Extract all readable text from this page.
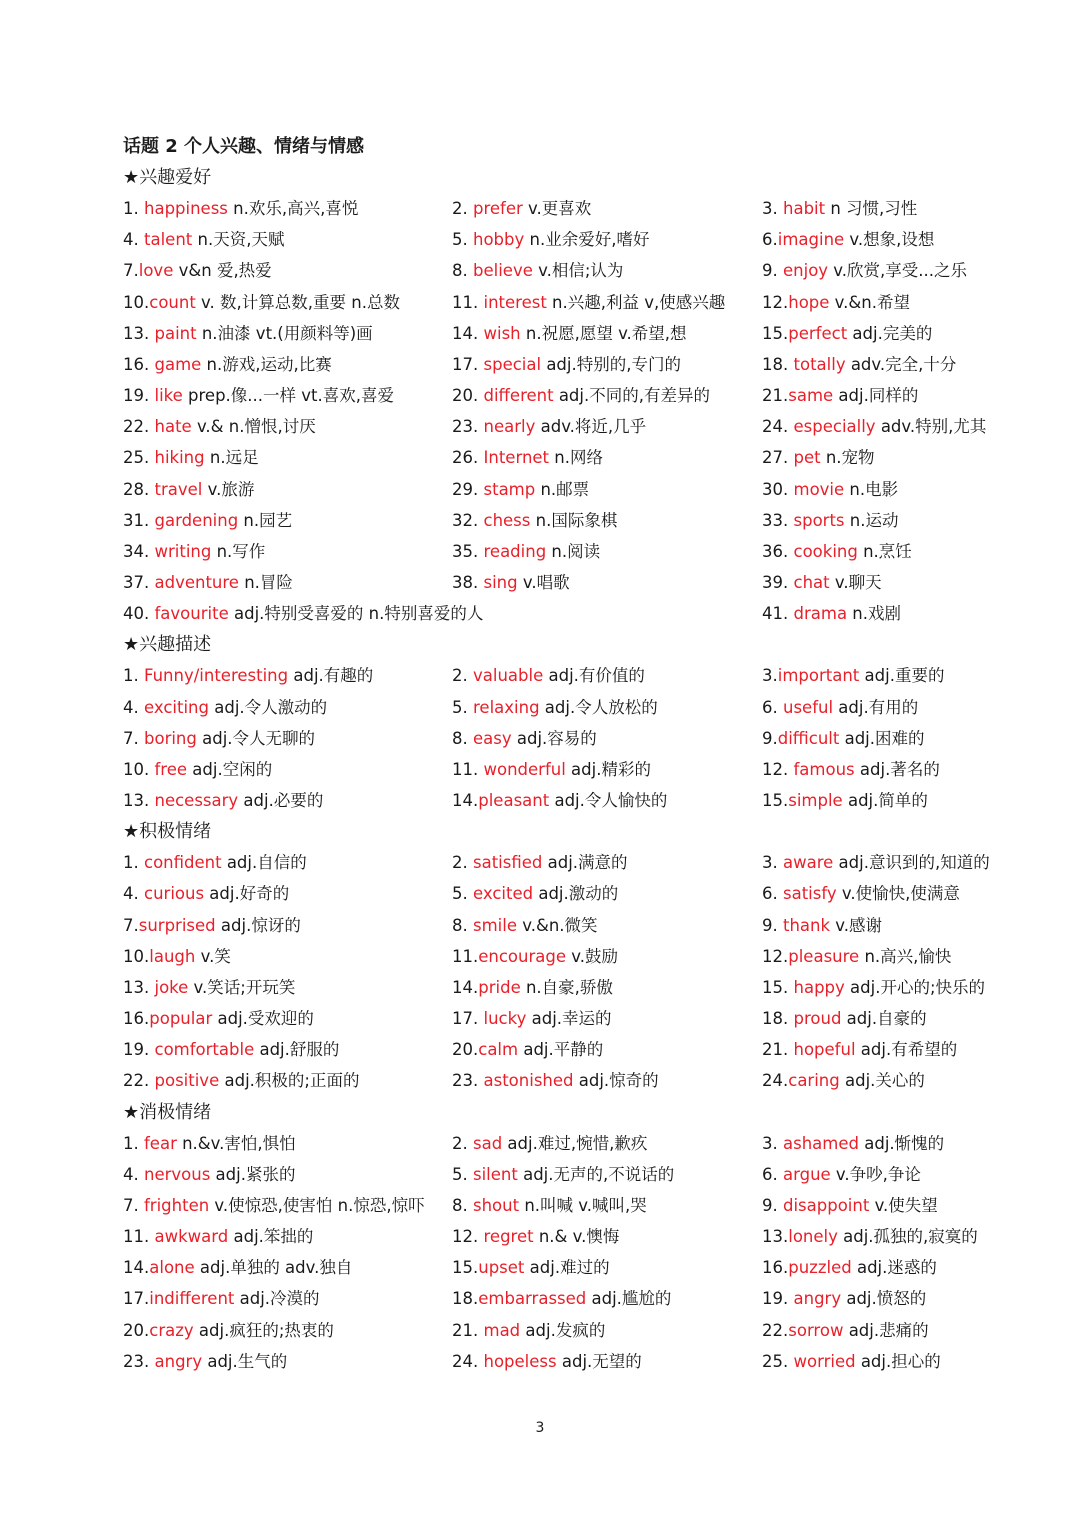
话题 2 个人兴趣、情绪与情感
★兴趣爱好
1. happiness n.欢乐,高兴,喜悦	2. prefer v.更喜欢	3. habit n 习惯,习性
4. talent n.天资,天赋	5. hobby n.业余爱好,嗜好	6.imagine v.想象,设想
7.love v&n 爱,热爱	8. believe v.相信;认为	9. enjoy v.欣赏,享受...之乐
10.count v. 数,计算总数,重要 n.总数	11. interest n.兴趣,利益 v,使感兴趣 12.hope v.&n.希望
13. paint n.油漆 vt.(用颜料等)画	14. wish n.祝愿,愿望 v.希望,想	15.perfect adj.完美的
16. game n.游戏,运动,比赛	17. special adj.特别的,专门的	18. totally adv.完全,十分
19. like prep.像...一样 vt.喜欢,喜爱	20. different adj.不同的,有差异的	21.same adj.同样的
22. hate v.& n.憎恨,讨厌	23. nearly adv.将近,几乎	24. especially adv.特别,尤其
25. hiking n.远足	26. Internet n.网络	27. pet n.宠物
28. travel v.旅游	29. stamp n.邮票	30. movie n.电影
31. gardening n.园艺	32. chess n.国际象棋	33. sports n.运动
34. writing n.写作	35. reading n.阅读	36. cooking n.烹饪
37. adventure n.冒险	38. sing v.唱歌	39. chat v.聊天
40. favourite adj.特别受喜爱的 n.特别喜爱的人	41. drama n.戏剧
★兴趣描述
1. Funny/interesting adj.有趣的	2. valuable adj.有价值的	3.important adj.重要的
4. exciting adj.令人激动的	5. relaxing adj.令人放松的	6. useful adj.有用的
7. boring adj.令人无聊的	8. easy adj.容易的	9.difficult adj.困难的
10. free adj.空闲的	11. wonderful adj.精彩的	12. famous adj.著名的
13. necessary adj.必要的	14.pleasant adj.令人愉快的	15.simple adj.简单的
★积极情绪
1. confident adj.自信的	2. satisfied adj.满意的	3. aware adj.意识到的,知道的
4. curious adj.好奇的	5. excited adj.激动的	6. satisfy v.使愉快,使满意
7.surprised adj.惊讶的	8. smile v.&n.微笑	9. thank v.感谢
10.laugh v.笑	11.encourage v.鼓励	12.pleasure n.高兴,愉快
13. joke v.笑话;开玩笑	14.pride n.自豪,骄傲	15. happy adj.开心的;快乐的
16.popular adj.受欢迎的	17. lucky adj.幸运的	18. proud adj.自豪的
19. comfortable adj.舒服的	20.calm adj.平静的	21. hopeful adj.有希望的
22. positive adj.积极的;正面的	23. astonished adj.惊奇的	24.caring adj.关心的
★消极情绪
1. fear n.&v.害怕,惧怕	2. sad adj.难过,惋惜,歉疚	3. ashamed adj.惭愧的
4. nervous adj.紧张的	5. silent adj.无声的,不说话的	6. argue v.争吵,争论
7. frighten v.使惊恐,使害怕 n.惊恐,惊吓 8. shout n.叫喊 v.喊叫,哭	9. disappoint v.使失望
11. awkward adj.笨拙的	12. regret n.& v.懊悔	13.lonely adj.孤独的,寂寞的
14.alone adj.单独的 adv.独自	15.upset adj.难过的	16.puzzled adj.迷惑的
17.indifferent adj.冷漠的	18.embarrassed adj.尴尬的	19. angry adj.愤怒的
20.crazy adj.疯狂的;热衷的	21. mad adj.发疯的	22.sorrow adj.悲痛的
23. angry adj.生气的	24. hopeless adj.无望的	25. worried adj.担心的
3
